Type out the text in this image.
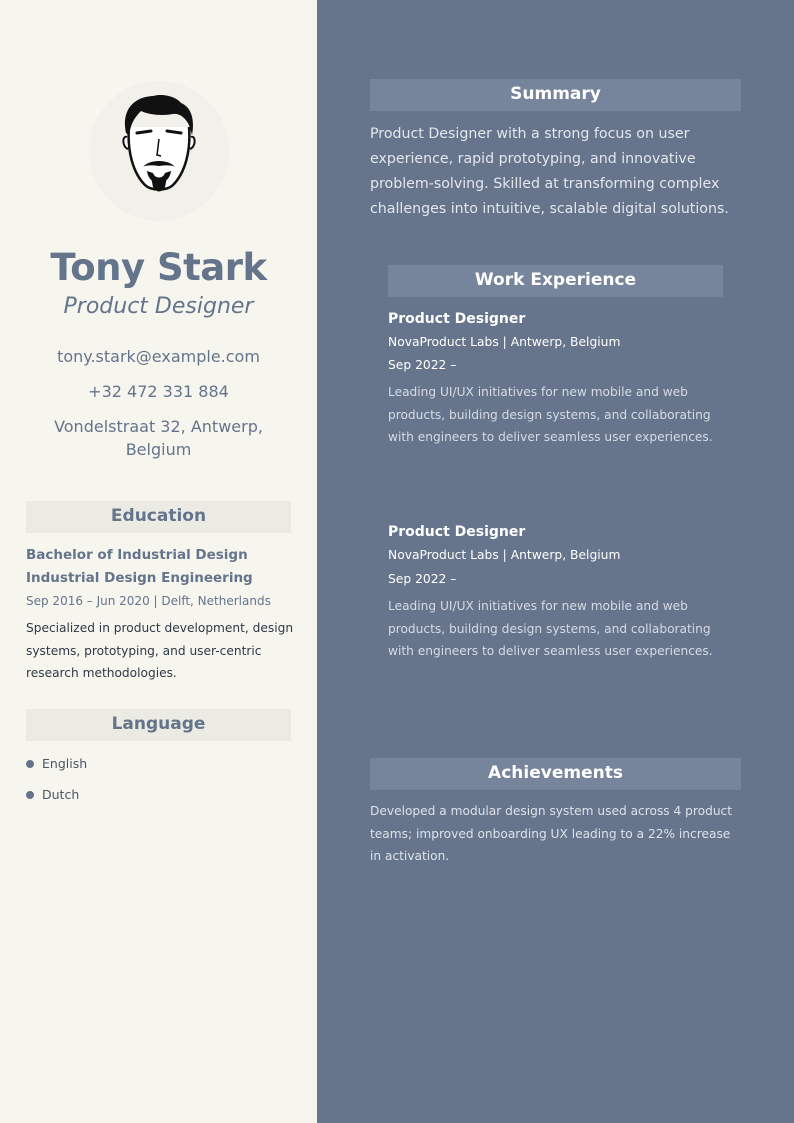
Tony Stark
Product Designer
tony.stark@example.com
+32 472 331 884
Vondelstraat 32, Antwerp, Belgium
Education
Bachelor of Industrial Design
Industrial Design Engineering
Sep 2016 – Jun 2020 | Delft, Netherlands
Specialized in product development, design systems, prototyping, and user-centric research methodologies.
Language
English
Dutch
Summary
Product Designer with a strong focus on user experience, rapid prototyping, and innovative problem-solving. Skilled at transforming complex challenges into intuitive, scalable digital solutions.
Work Experience
Product Designer
NovaProduct Labs | Antwerp, Belgium
Sep 2022 –
Leading UI/UX initiatives for new mobile and web products, building design systems, and collaborating with engineers to deliver seamless user experiences.
Product Designer
NovaProduct Labs | Antwerp, Belgium
Sep 2022 –
Leading UI/UX initiatives for new mobile and web products, building design systems, and collaborating with engineers to deliver seamless user experiences.
Achievements
Developed a modular design system used across 4 product teams; improved onboarding UX leading to a 22% increase in activation.
